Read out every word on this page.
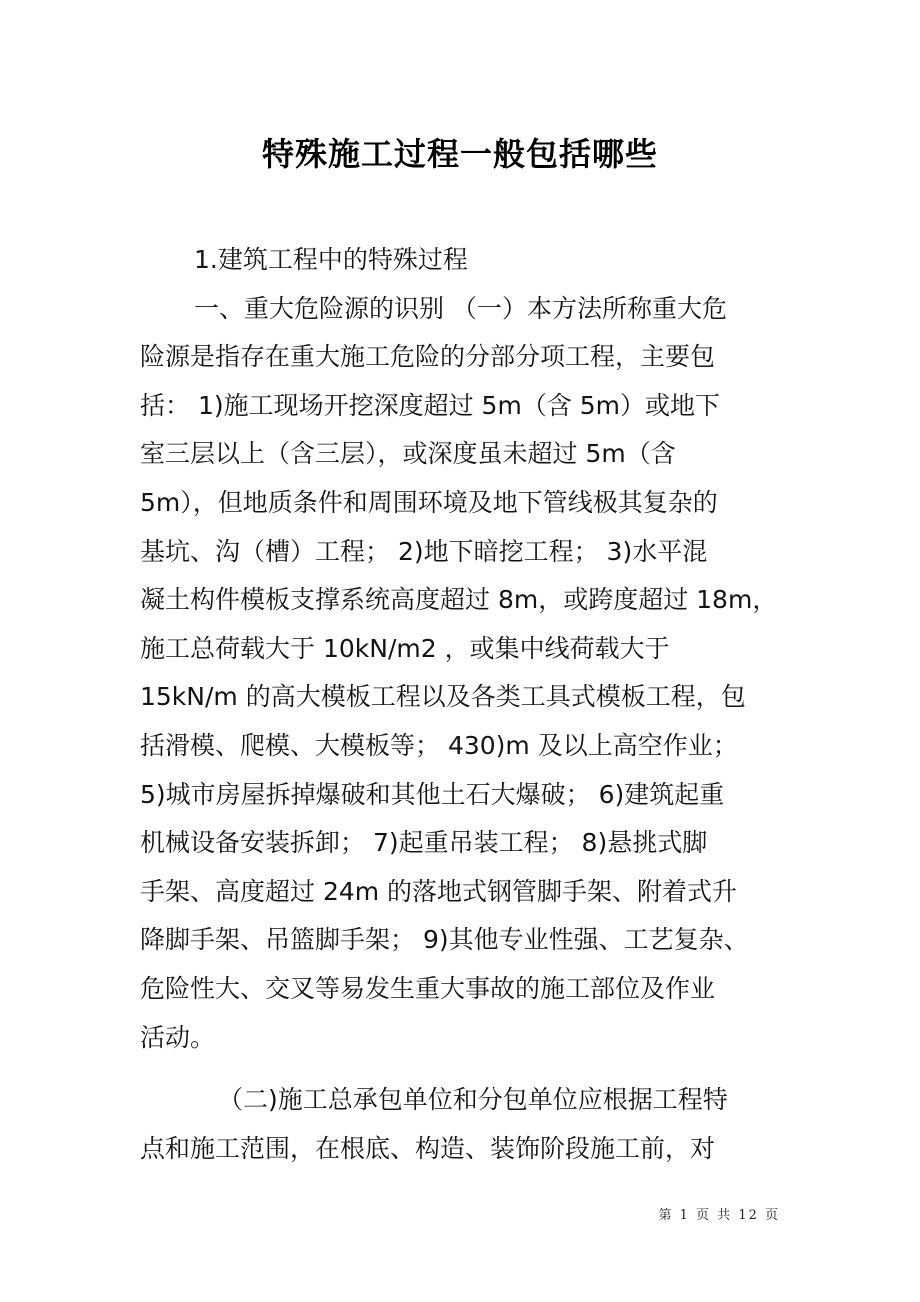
特殊施工过程一般包括哪些
1.建筑工程中的特殊过程
一、重大危险源的识别 （一）本方法所称重大危
险源是指存在重大施工危险的分部分项工程，主要包
括： 1)施工现场开挖深度超过 5m（含 5m）或地下
室三层以上（含三层），或深度虽未超过 5m（含
5m），但地质条件和周围环境及地下管线极其复杂的
基坑、沟（槽）工程； 2)地下暗挖工程； 3)水平混
凝土构件模板支撑系统高度超过 8m，或跨度超过 18m，
施工总荷载大于 10kN/m2 ，或集中线荷载大于
15kN/m 的高大模板工程以及各类工具式模板工程，包
括滑模、爬模、大模板等； 430)m 及以上高空作业；
5)城市房屋拆掉爆破和其他土石大爆破； 6)建筑起重
机械设备安装拆卸； 7)起重吊装工程； 8)悬挑式脚
手架、高度超过 24m 的落地式钢管脚手架、附着式升
降脚手架、吊篮脚手架； 9)其他专业性强、工艺复杂、
危险性大、交叉等易发生重大事故的施工部位及作业
活动。
（二)施工总承包单位和分包单位应根据工程特
点和施工范围，在根底、构造、装饰阶段施工前，对
第 1 页 共 12 页
